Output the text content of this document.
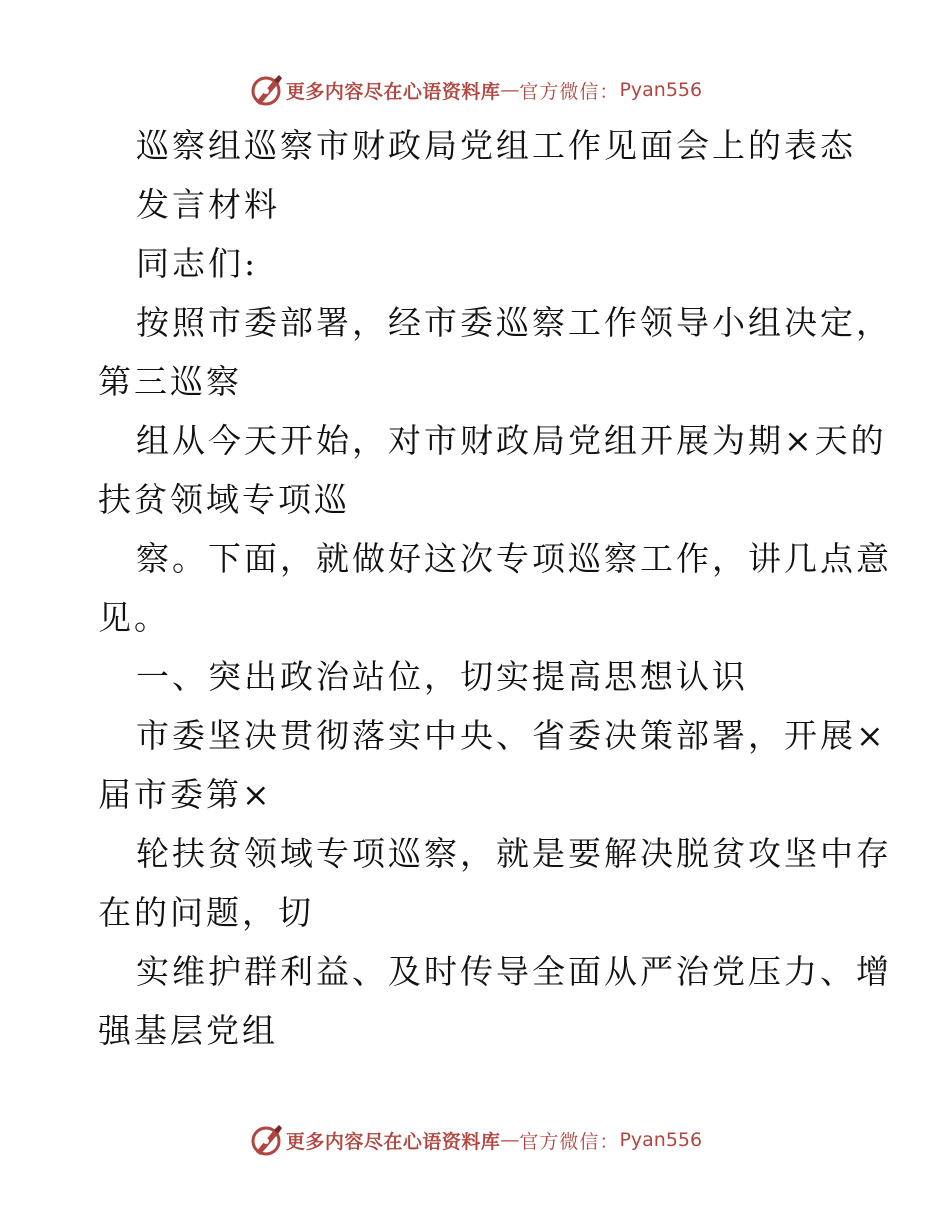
更多内容尽在心语资料库 — 官方微信： Pyan556
巡察组巡察市财政局党组工作见面会上的表态
发言材料
同志们:
按照市委部署，经市委巡察工作领导小组决定，
第三巡察
组从今天开始，对市财政局党组开展为期×天的
扶贫领域专项巡
察。下面，就做好这次专项巡察工作，讲几点意
见。
一、突出政治站位，切实提高思想认识
市委坚决贯彻落实中央、省委决策部署，开展×
届市委第×
轮扶贫领域专项巡察，就是要解决脱贫攻坚中存
在的问题，切
实维护群利益、及时传导全面从严治党压力、增
强基层党组
更多内容尽在心语资料库 — 官方微信： Pyan556
